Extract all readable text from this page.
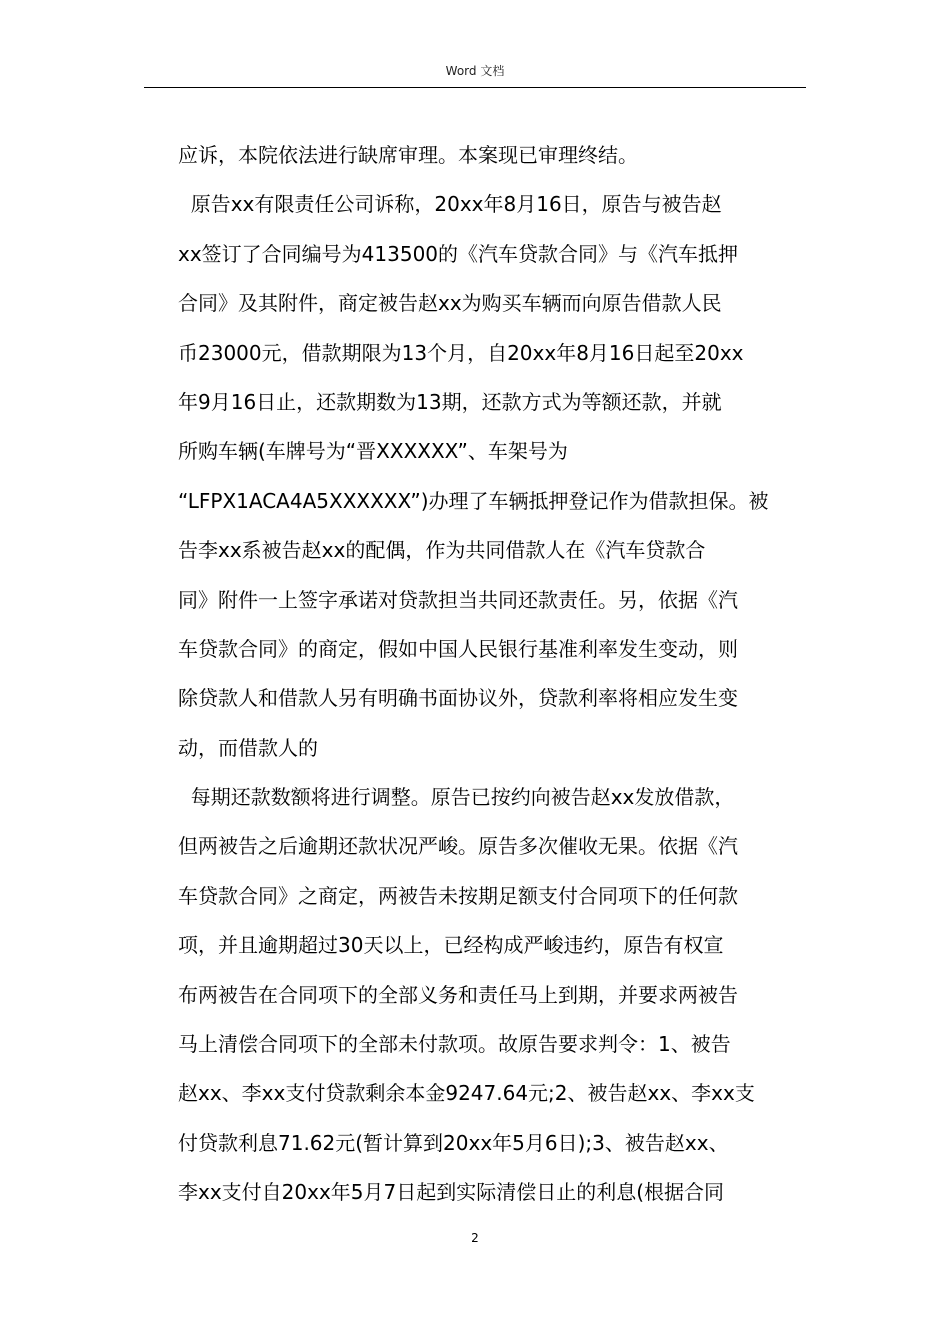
Word 文档
应诉，本院依法进行缺席审理。本案现已审理终结。
原告xx有限责任公司诉称，20xx年8月16日，原告与被告赵
xx签订了合同编号为413500的《汽车贷款合同》与《汽车抵押
合同》及其附件，商定被告赵xx为购买车辆而向原告借款人民
币23000元，借款期限为13个月，自20xx年8月16日起至20xx
年9月16日止，还款期数为13期，还款方式为等额还款，并就
所购车辆(车牌号为“晋XXXXXX”、车架号为
“LFPX1ACA4A5XXXXXX”)办理了车辆抵押登记作为借款担保。被
告李xx系被告赵xx的配偶，作为共同借款人在《汽车贷款合
同》附件一上签字承诺对贷款担当共同还款责任。另，依据《汽
车贷款合同》的商定，假如中国人民银行基准利率发生变动，则
除贷款人和借款人另有明确书面协议外，贷款利率将相应发生变
动，而借款人的
每期还款数额将进行调整。原告已按约向被告赵xx发放借款，
但两被告之后逾期还款状况严峻。原告多次催收无果。依据《汽
车贷款合同》之商定，两被告未按期足额支付合同项下的任何款
项，并且逾期超过30天以上，已经构成严峻违约，原告有权宣
布两被告在合同项下的全部义务和责任马上到期，并要求两被告
马上清偿合同项下的全部未付款项。故原告要求判令：1、被告
赵xx、李xx支付贷款剩余本金9247.64元;2、被告赵xx、李xx支
付贷款利息71.62元(暂计算到20xx年5月6日);3、被告赵xx、
李xx支付自20xx年5月7日起到实际清偿日止的利息(根据合同
2
